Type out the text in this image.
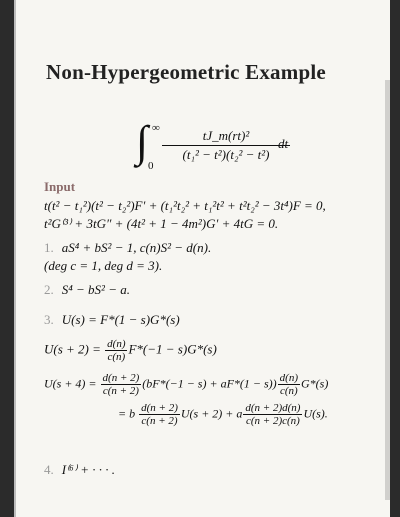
Non-Hypergeometric Example
∫ ∞
0
tJ_m(rt)²
(t₁² − t²)(t₂² − t²)
dt
Input
t(t² − t₁²)(t² − t₂²)F′ + (t₁²t₂² + t₁²t² + t²t₂² − 3t⁴)F = 0,
t²G⁽³⁾ + 3tG″ + (4t² + 1 − 4m²)G′ + 4tG = 0.
1. aS⁴ + bS² − 1, c(n)S² − d(n).
(deg c = 1, deg d = 3).
2. S⁴ − bS² − a.
3. U(s) = F*(1 − s)G*(s)
$U(s + 2) = \frac{d(n)}{c(n)} F*(-1 - s)G*(s)$
$U(s + 4) = \frac{d(n + 2)}{c(n + 2)} (bF*(-1 - s) + aF*(1 - s)) \frac{d(n)}{c(n)} G*(s)$
= b $\frac{d(n + 2)}{c(n + 2)} U(s + 2) + a \frac{d(n + 2)d(n)}{c(n + 2)c(n)} U(s)$.
4. I⁽⁶⁾ + · · · .
